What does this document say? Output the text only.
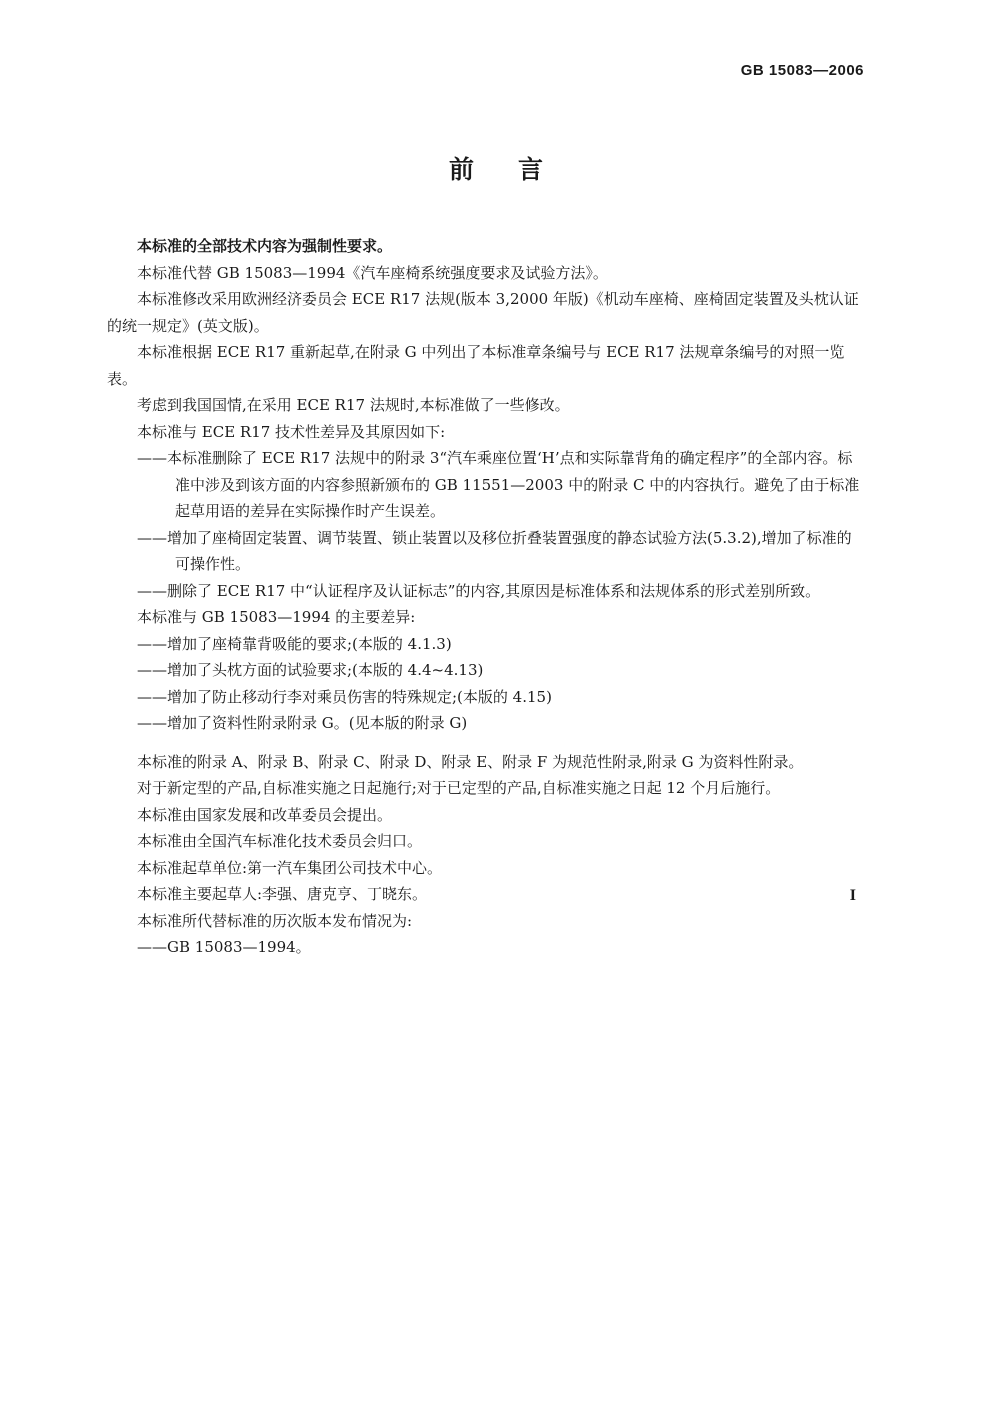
GB 15083—2006
前言

本标准的全部技术内容为强制性要求。

本标准代替 GB 15083—1994《汽车座椅系统强度要求及试验方法》。

本标准修改采用欧洲经济委员会 ECE R17 法规(版本 3,2000 年版)《机动车座椅、座椅固定装置及头枕认证的统一规定》(英文版)。

本标准根据 ECE R17 重新起草,在附录 G 中列出了本标准章条编号与 ECE R17 法规章条编号的对照一览表。

考虑到我国国情,在采用 ECE R17 法规时,本标准做了一些修改。

本标准与 ECE R17 技术性差异及其原因如下:

——本标准删除了 ECE R17 法规中的附录 3“汽车乘座位置‘H’点和实际靠背角的确定程序”的全部内容。标准中涉及到该方面的内容参照新颁布的 GB 11551—2003 中的附录 C 中的内容执行。避免了由于标准起草用语的差异在实际操作时产生误差。

——增加了座椅固定装置、调节装置、锁止装置以及移位折叠装置强度的静态试验方法(5.3.2),增加了标准的可操作性。

——删除了 ECE R17 中“认证程序及认证标志”的内容,其原因是标准体系和法规体系的形式差别所致。

本标准与 GB 15083—1994 的主要差异:

——增加了座椅靠背吸能的要求;(本版的 4.1.3)

——增加了头枕方面的试验要求;(本版的 4.4~4.13)

——增加了防止移动行李对乘员伤害的特殊规定;(本版的 4.15)

——增加了资料性附录附录 G。(见本版的附录 G)

本标准的附录 A、附录 B、附录 C、附录 D、附录 E、附录 F 为规范性附录,附录 G 为资料性附录。

对于新定型的产品,自标准实施之日起施行;对于已定型的产品,自标准实施之日起 12 个月后施行。

本标准由国家发展和改革委员会提出。

本标准由全国汽车标准化技术委员会归口。

本标准起草单位:第一汽车集团公司技术中心。

本标准主要起草人:李强、唐克亨、丁晓东。

本标准所代替标准的历次版本发布情况为:

——GB 15083—1994。

I
